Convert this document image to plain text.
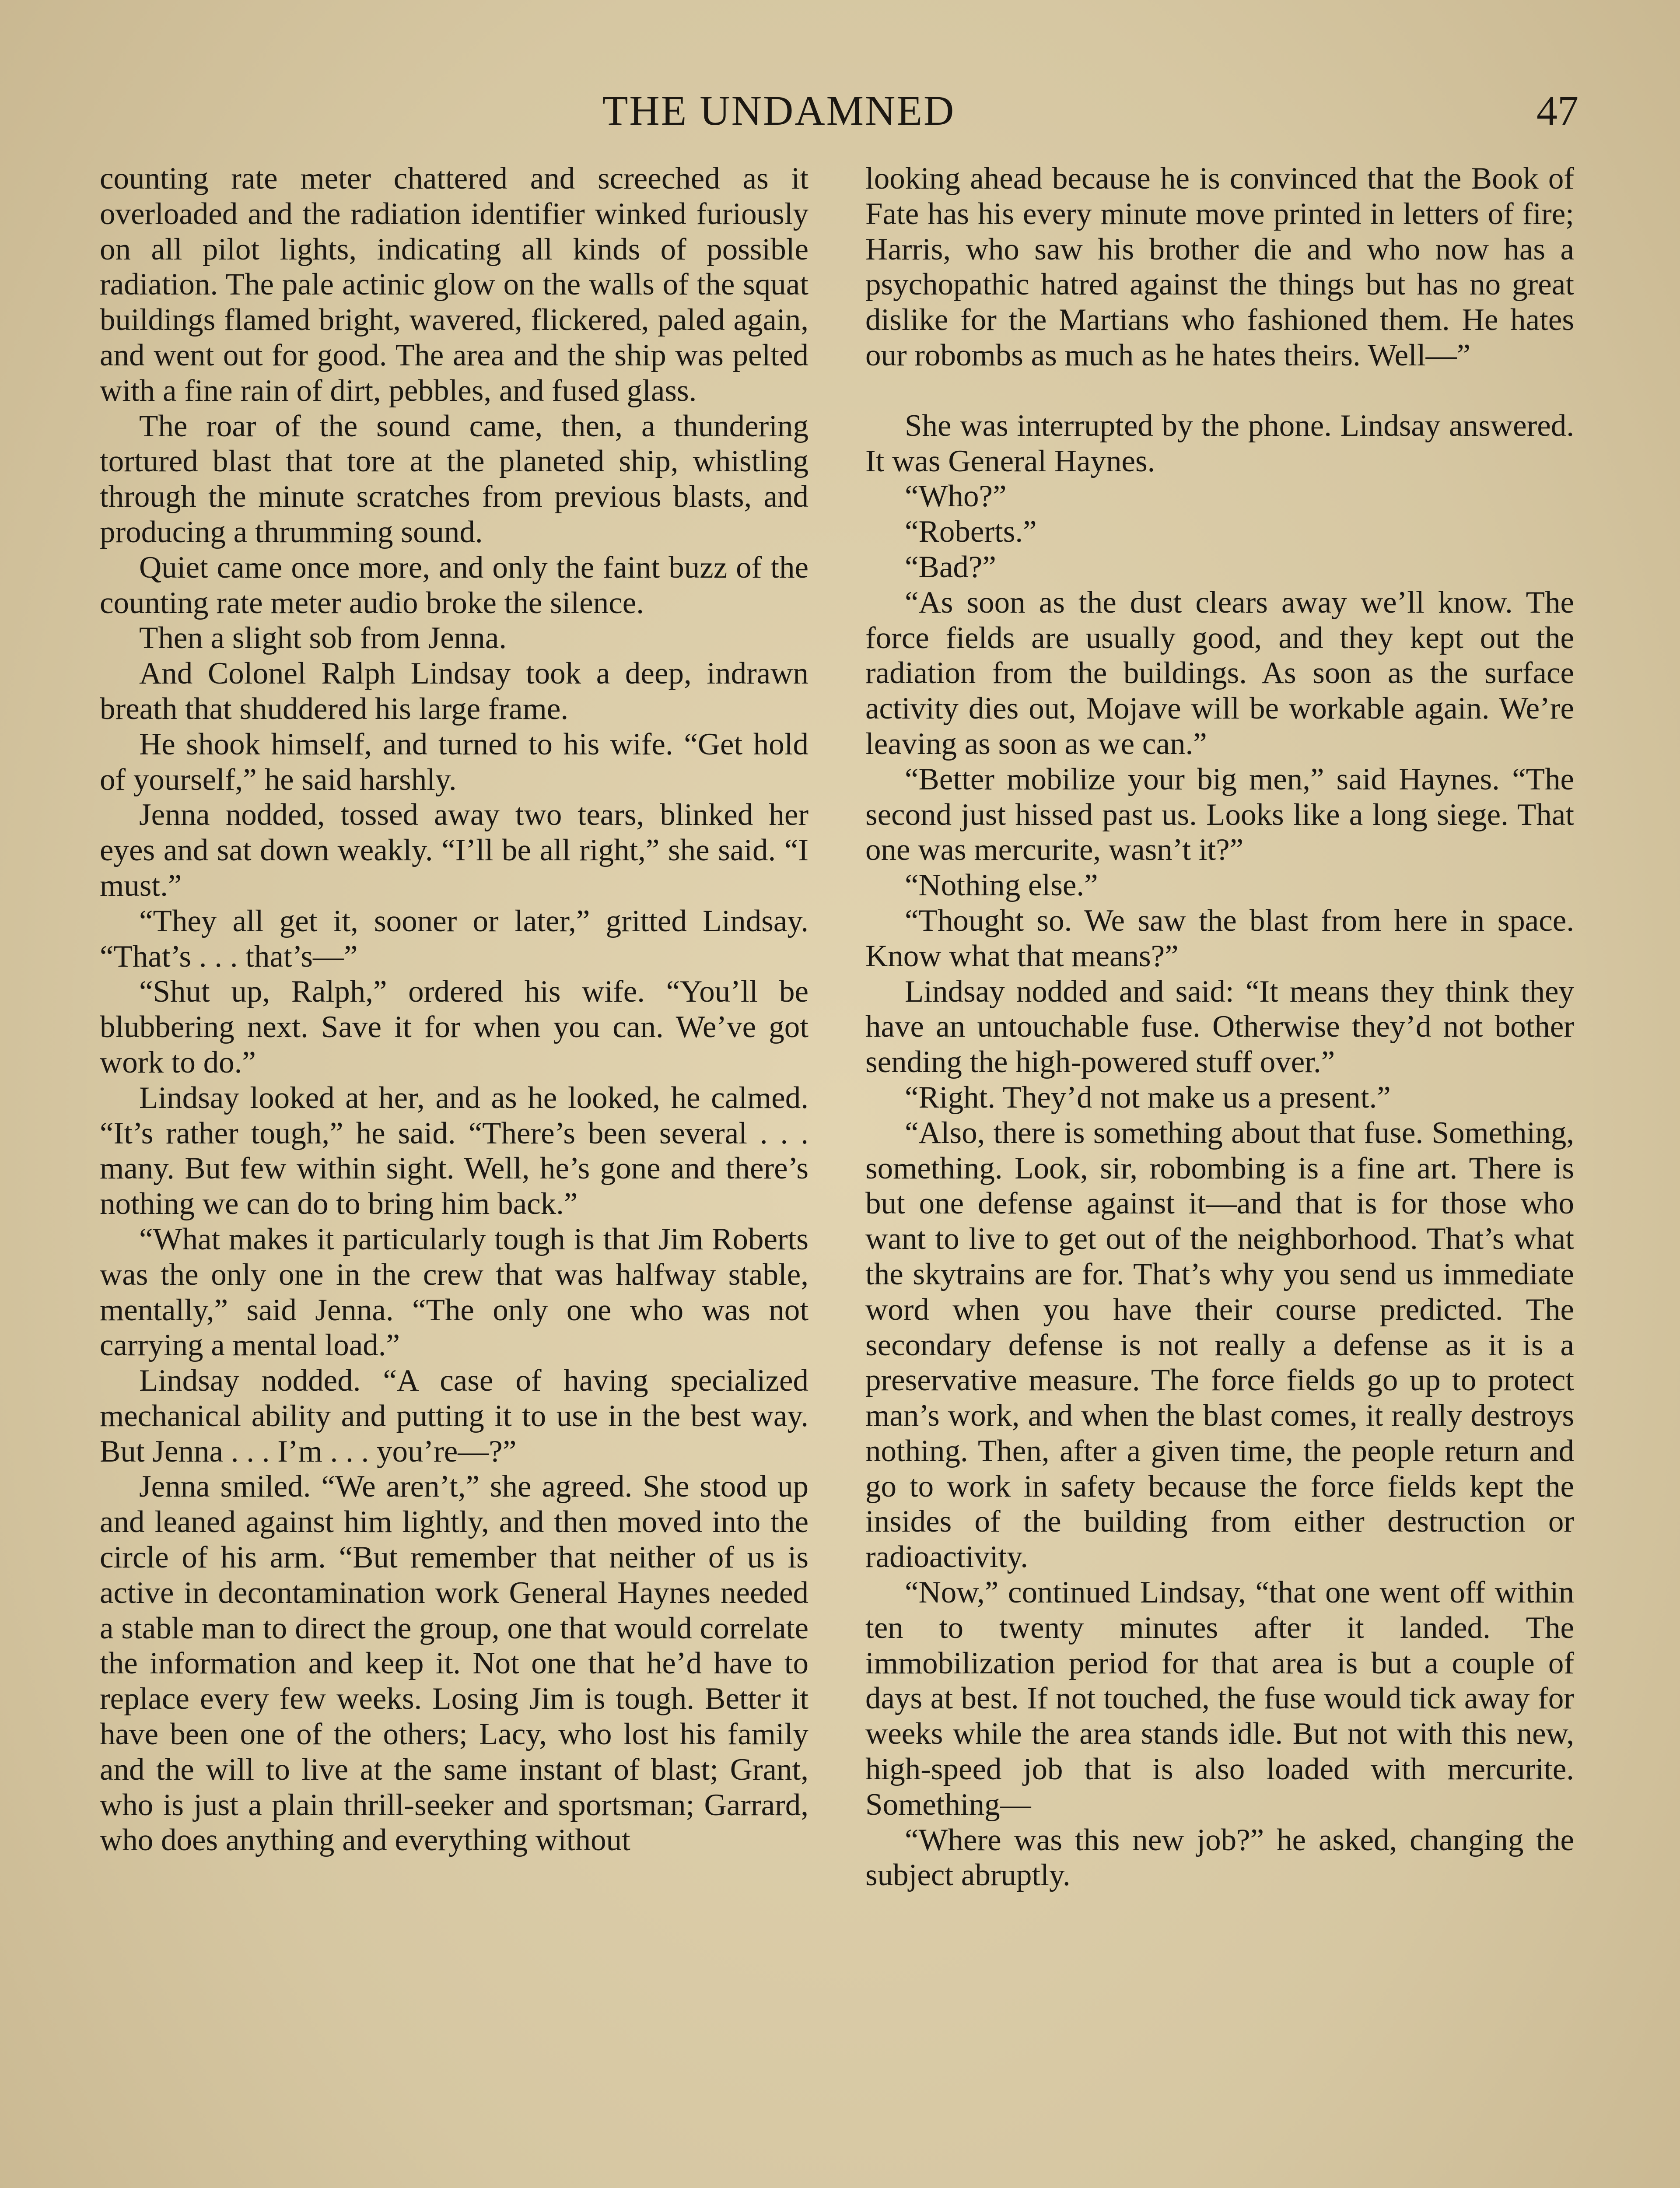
THE UNDAMNED	47

counting rate meter chattered and screeched as it overloaded and the radiation identifier winked furiously on all pilot lights, indicating all kinds of possible radiation. The pale actinic glow on the walls of the squat buildings flamed bright, wavered, flickered, paled again, and went out for good. The area and the ship was pelted with a fine rain of dirt, pebbles, and fused glass.

The roar of the sound came, then, a thundering tortured blast that tore at the planeted ship, whistling through the minute scratches from previous blasts, and producing a thrumming sound.

Quiet came once more, and only the faint buzz of the counting rate meter audio broke the silence.

Then a slight sob from Jenna.

And Colonel Ralph Lindsay took a deep, indrawn breath that shuddered his large frame.

He shook himself, and turned to his wife. “Get hold of yourself,” he said harshly.

Jenna nodded, tossed away two tears, blinked her eyes and sat down weakly. “I’ll be all right,” she said. “I must.”

“They all get it, sooner or later,” gritted Lindsay. “That’s . . . that’s—”

“Shut up, Ralph,” ordered his wife. “You’ll be blubbering next. Save it for when you can. We’ve got work to do.”

Lindsay looked at her, and as he looked, he calmed. “It’s rather tough,” he said. “There’s been several . . . many. But few within sight. Well, he’s gone and there’s nothing we can do to bring him back.”

“What makes it particularly tough is that Jim Roberts was the only one in the crew that was halfway stable, mentally,” said Jenna. “The only one who was not carrying a mental load.”

Lindsay nodded. “A case of having specialized mechanical ability and putting it to use in the best way. But Jenna . . . I’m . . . you’re—?”

Jenna smiled. “We aren’t,” she agreed. She stood up and leaned against him lightly, and then moved into the circle of his arm. “But remember that neither of us is active in decontamination work General Haynes needed a stable man to direct the group, one that would correlate the information and keep it. Not one that he’d have to replace every few weeks. Losing Jim is tough. Better it have been one of the others; Lacy, who lost his family and the will to live at the same instant of blast; Grant, who is just a plain thrill-seeker and sportsman; Garrard, who does anything and everything without

looking ahead because he is convinced that the Book of Fate has his every minute move printed in letters of fire; Harris, who saw his brother die and who now has a psychopathic hatred against the things but has no great dislike for the Martians who fashioned them. He hates our robombs as much as he hates theirs. Well—”

She was interrupted by the phone. Lindsay answered. It was General Haynes.

“Who?”

“Roberts.”

“Bad?”

“As soon as the dust clears away we’ll know. The force fields are usually good, and they kept out the radiation from the buildings. As soon as the surface activity dies out, Mojave will be workable again. We’re leaving as soon as we can.”

“Better mobilize your big men,” said Haynes. “The second just hissed past us. Looks like a long siege. That one was mercurite, wasn’t it?”

“Nothing else.”

“Thought so. We saw the blast from here in space. Know what that means?”

Lindsay nodded and said: “It means they think they have an untouchable fuse. Otherwise they’d not bother sending the high-powered stuff over.”

“Right. They’d not make us a present.”

“Also, there is something about that fuse. Something, something. Look, sir, robombing is a fine art. There is but one defense against it—and that is for those who want to live to get out of the neighborhood. That’s what the skytrains are for. That’s why you send us immediate word when you have their course predicted. The secondary defense is not really a defense as it is a preservative measure. The force fields go up to protect man’s work, and when the blast comes, it really destroys nothing. Then, after a given time, the people return and go to work in safety because the force fields kept the insides of the building from either destruction or radioactivity.

“Now,” continued Lindsay, “that one went off within ten to twenty minutes after it landed. The immobilization period for that area is but a couple of days at best. If not touched, the fuse would tick away for weeks while the area stands idle. But not with this new, high-speed job that is also loaded with mercurite. Something—

“Where was this new job?” he asked, changing the subject abruptly.
